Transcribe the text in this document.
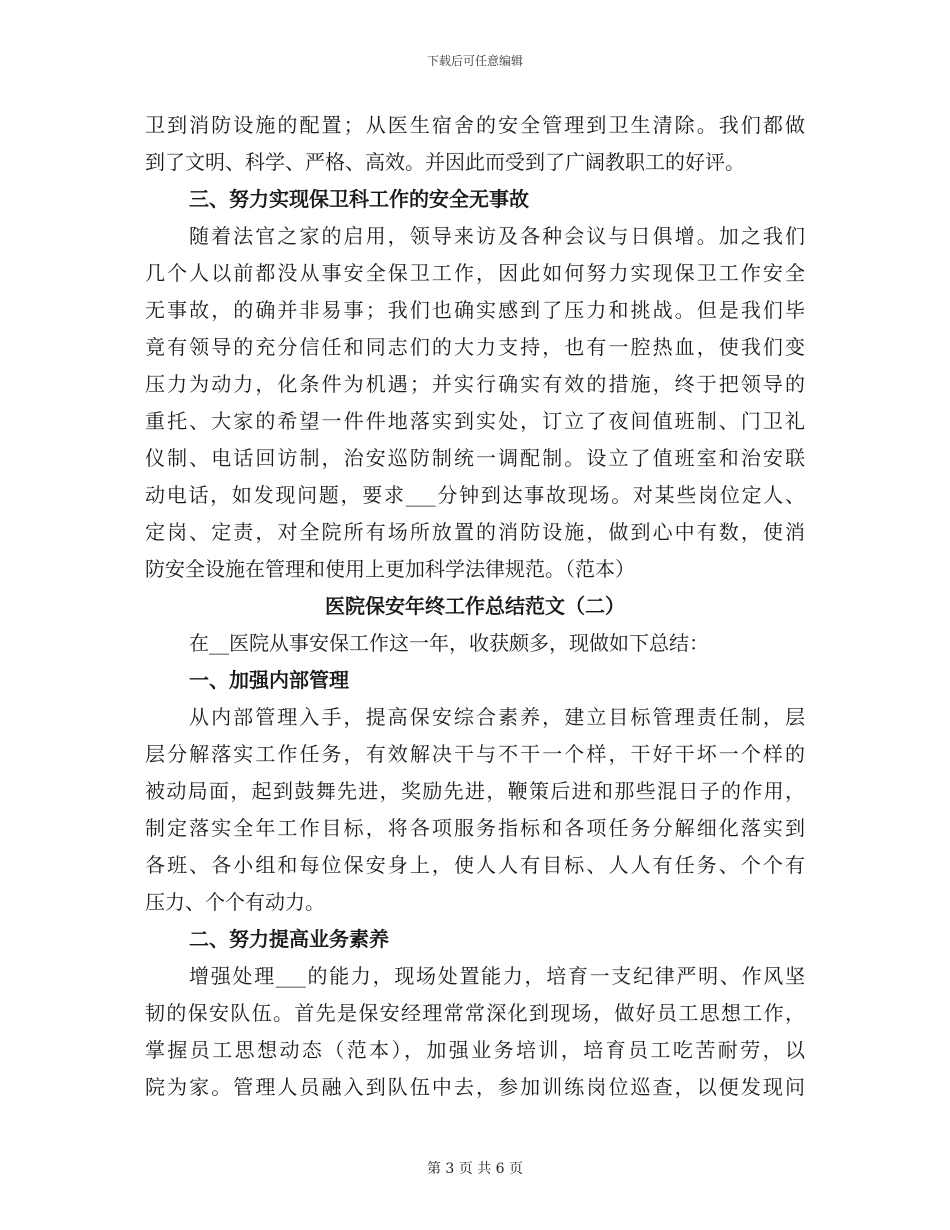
下载后可任意编辑
卫到消防设施的配置；从医生宿舍的安全管理到卫生清除。我们都做
到了文明、科学、严格、高效。并因此而受到了广阔教职工的好评。
三、努力实现保卫科工作的安全无事故
随着法官之家的启用，领导来访及各种会议与日俱增。加之我们
几个人以前都没从事安全保卫工作，因此如何努力实现保卫工作安全
无事故，的确并非易事；我们也确实感到了压力和挑战。但是我们毕
竟有领导的充分信任和同志们的大力支持，也有一腔热血，使我们变
压力为动力，化条件为机遇；并实行确实有效的措施，终于把领导的
重托、大家的希望一件件地落实到实处，订立了夜间值班制、门卫礼
仪制、电话回访制，治安巡防制统一调配制。设立了值班室和治安联
动电话，如发现问题，要求___分钟到达事故现场。对某些岗位定人、
定岗、定责，对全院所有场所放置的消防设施，做到心中有数，使消
防安全设施在管理和使用上更加科学法律规范。（范本）
医院保安年终工作总结范文（二）
在__医院从事安保工作这一年，收获颇多，现做如下总结：
一、加强内部管理
从内部管理入手，提高保安综合素养，建立目标管理责任制，层
层分解落实工作任务，有效解决干与不干一个样，干好干坏一个样的
被动局面，起到鼓舞先进，奖励先进，鞭策后进和那些混日子的作用，
制定落实全年工作目标，将各项服务指标和各项任务分解细化落实到
各班、各小组和每位保安身上，使人人有目标、人人有任务、个个有
压力、个个有动力。
二、努力提高业务素养
增强处理___的能力，现场处置能力，培育一支纪律严明、作风坚
韧的保安队伍。首先是保安经理常常深化到现场，做好员工思想工作，
掌握员工思想动态（范本），加强业务培训，培育员工吃苦耐劳，以
院为家。管理人员融入到队伍中去，参加训练岗位巡查，以便发现问
第 3 页 共 6 页
